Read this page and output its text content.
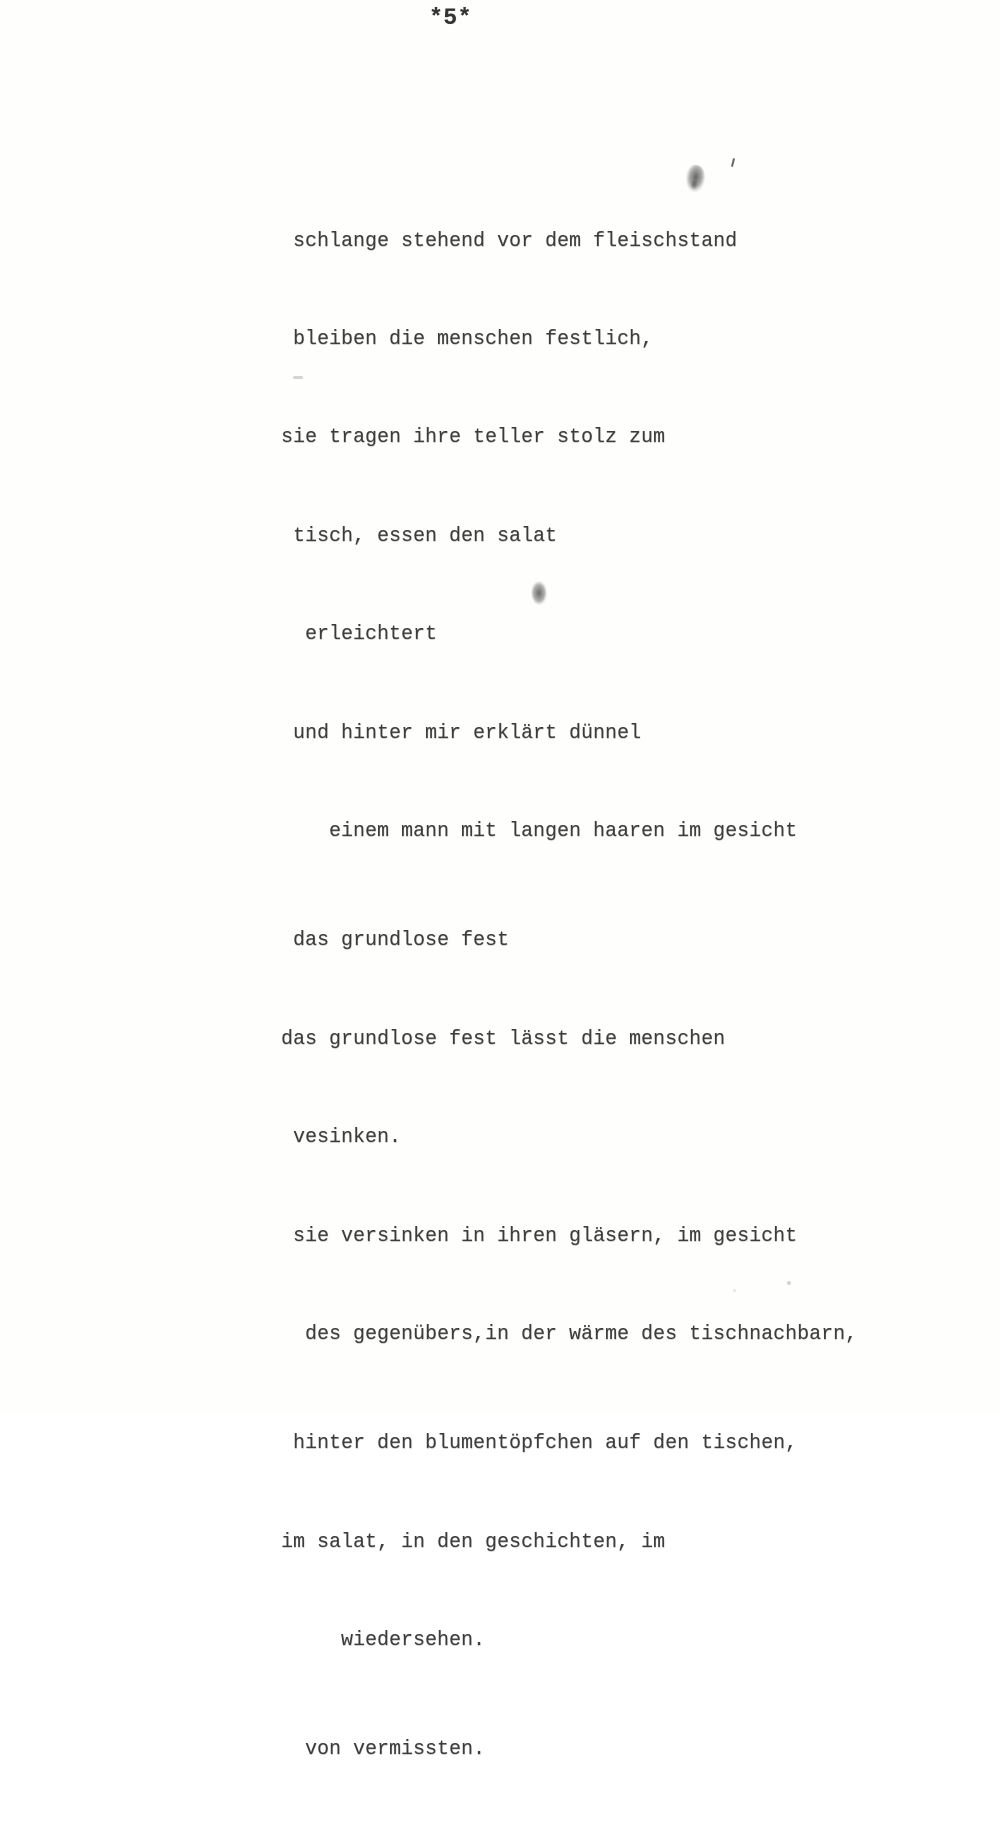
*5*

schlange stehend vor dem fleischstand

bleiben die menschen festlich,

sie tragen ihre teller stolz zum

tisch, essen den salat

erleichtert

und hinter mir erklärt dünnel

einem mann mit langen haaren im gesicht

das grundlose fest

das grundlose fest lässt die menschen

vesinken.

sie versinken in ihren gläsern, im gesicht

des gegenübers,in der wärme des tischnachbarn,

hinter den blumentöpfchen auf den tischen,

im salat, in den geschichten, im

wiedersehen.

von vermissten.
